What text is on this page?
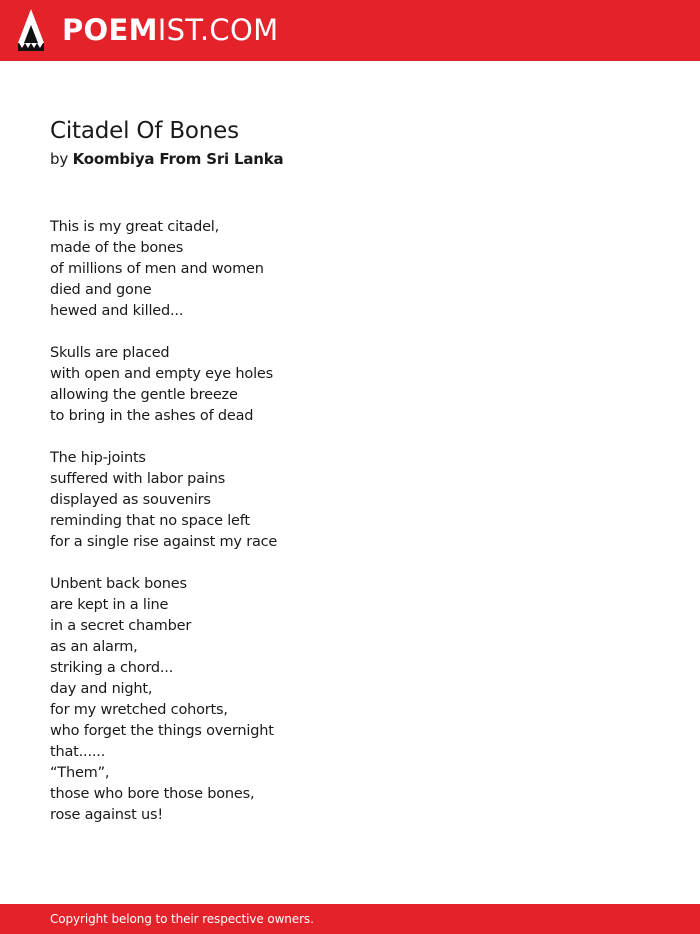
POEMIST.COM
Citadel Of Bones
by Koombiya From Sri Lanka
This is my great citadel,
made of the bones
of millions of men and women
died and gone
hewed and killed...
Skulls are placed
with open and empty eye holes
allowing the gentle breeze
to bring in the ashes of dead
The hip-joints
suffered with labor pains
displayed as souvenirs
reminding that no space left
for a single rise against my race
Unbent back bones
are kept in a line
in a secret chamber
as an alarm,
striking a chord...
day and night,
for my wretched cohorts,
who forget the things overnight
that......
“Them”,
those who bore those bones,
rose against us!
Copyright belong to their respective owners.
